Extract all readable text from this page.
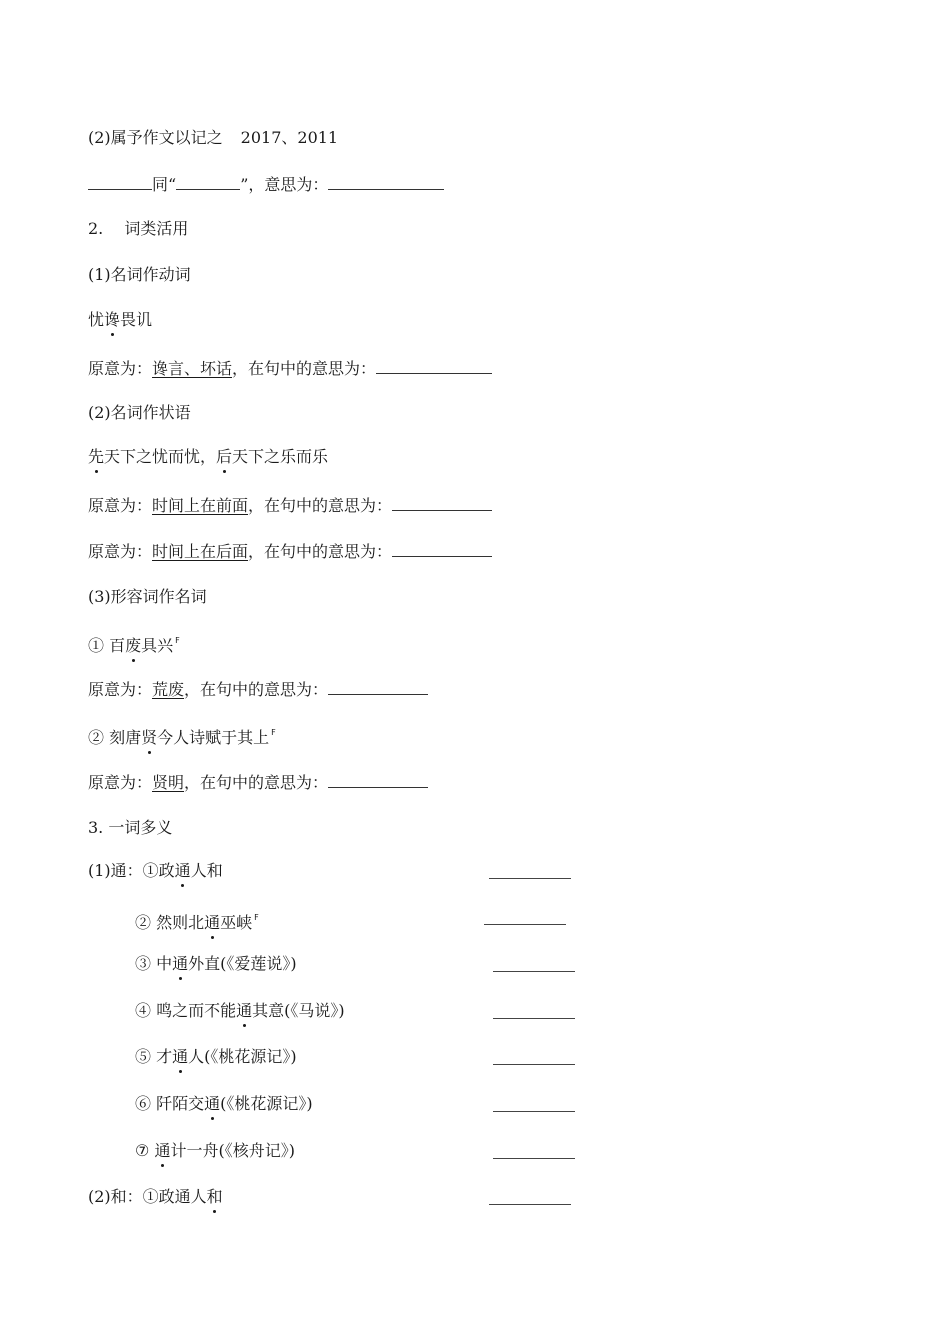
(2)属予作文以记之 2017、2011
同“	”，意思为：
2.　 词类活用
(1)名词作动词
忧谗畏讥
原意为：谗言、坏话，在句中的意思为：
(2)名词作状语
先天下之忧而忧，后天下之乐而乐
原意为：时间上在前面，在句中的意思为：
原意为：时间上在后面，在句中的意思为：
(3)形容词作名词
① 百废具兴 $^F$
原意为：荒废，在句中的意思为：
② 刻唐贤今人诗赋于其上 $^F$
原意为：贤明，在句中的意思为：
3. 一词多义
(1)通：①政通人和
② 然则北通巫峡 $^F$
③ 中通外直(《爱莲说》)
④ 鸣之而不能通其意(《马说》)
⑤ 才通人(《桃花源记》)
⑥ 阡陌交通(《桃花源记》)
⑦ 通计一舟(《核舟记》)
(2)和：①政通人和
